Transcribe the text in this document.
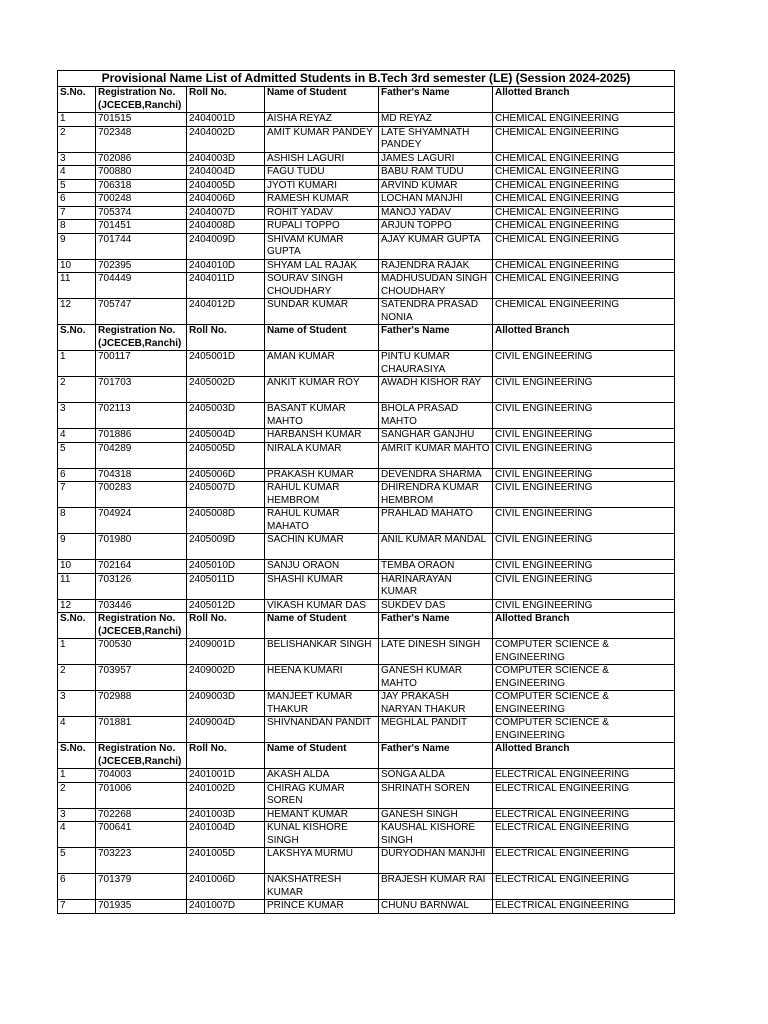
Provisional Name List of Admitted Students in B.Tech 3rd semester (LE) (Session 2024-2025)					
S.No.	Registration No. (JCECEB,Ranchi)	Roll No.	Name of Student	Father's Name	Allotted Branch
1	701515	2404001D	AISHA REYAZ	MD REYAZ	CHEMICAL ENGINEERING
2	702348	2404002D	AMIT KUMAR PANDEY	LATE SHYAMNATH PANDEY	CHEMICAL ENGINEERING
3	702086	2404003D	ASHISH LAGURI	JAMES LAGURI	CHEMICAL ENGINEERING
4	700880	2404004D	FAGU TUDU	BABU RAM TUDU	CHEMICAL ENGINEERING
5	706318	2404005D	JYOTI KUMARI	ARVIND KUMAR	CHEMICAL ENGINEERING
6	700248	2404006D	RAMESH KUMAR	LOCHAN MANJHI	CHEMICAL ENGINEERING
7	705374	2404007D	ROHIT YADAV	MANOJ YADAV	CHEMICAL ENGINEERING
8	701451	2404008D	RUPALI TOPPO	ARJUN TOPPO	CHEMICAL ENGINEERING
9	701744	2404009D	SHIVAM KUMAR GUPTA	AJAY KUMAR GUPTA	CHEMICAL ENGINEERING
10	702395	2404010D	SHYAM LAL RAJAK	RAJENDRA RAJAK	CHEMICAL ENGINEERING
11	704449	2404011D	SOURAV SINGH CHOUDHARY	MADHUSUDAN SINGH CHOUDHARY	CHEMICAL ENGINEERING
12	705747	2404012D	SUNDAR KUMAR	SATENDRA PRASAD NONIA	CHEMICAL ENGINEERING
S.No.	Registration No. (JCECEB,Ranchi)	Roll No.	Name of Student	Father's Name	Allotted Branch
1	700117	2405001D	AMAN KUMAR	PINTU KUMAR CHAURASIYA	CIVIL ENGINEERING
2	701703	2405002D	ANKIT KUMAR ROY	AWADH KISHOR RAY	CIVIL ENGINEERING
3	702113	2405003D	BASANT KUMAR MAHTO	BHOLA PRASAD MAHTO	CIVIL ENGINEERING
4	701886	2405004D	HARBANSH KUMAR	SANGHAR GANJHU	CIVIL ENGINEERING
5	704289	2405005D	NIRALA KUMAR	AMRIT KUMAR MAHTO	CIVIL ENGINEERING
6	704318	2405006D	PRAKASH KUMAR	DEVENDRA SHARMA	CIVIL ENGINEERING
7	700283	2405007D	RAHUL KUMAR HEMBROM	DHIRENDRA KUMAR HEMBROM	CIVIL ENGINEERING
8	704924	2405008D	RAHUL KUMAR MAHATO	PRAHLAD MAHATO	CIVIL ENGINEERING
9	701980	2405009D	SACHIN KUMAR	ANIL KUMAR MANDAL	CIVIL ENGINEERING
10	702164	2405010D	SANJU ORAON	TEMBA ORAON	CIVIL ENGINEERING
11	703126	2405011D	SHASHI KUMAR	HARINARAYAN KUMAR	CIVIL ENGINEERING
12	703446	2405012D	VIKASH KUMAR DAS	SUKDEV DAS	CIVIL ENGINEERING
S.No.	Registration No. (JCECEB,Ranchi)	Roll No.	Name of Student	Father's Name	Allotted Branch
1	700530	2409001D	BELISHANKAR SINGH	LATE DINESH SINGH	COMPUTER SCIENCE & ENGINEERING
2	703957	2409002D	HEENA KUMARI	GANESH KUMAR MAHTO	COMPUTER SCIENCE & ENGINEERING
3	702988	2409003D	MANJEET KUMAR THAKUR	JAY PRAKASH NARYAN THAKUR	COMPUTER SCIENCE & ENGINEERING
4	701881	2409004D	SHIVNANDAN PANDIT	MEGHLAL PANDIT	COMPUTER SCIENCE & ENGINEERING
S.No.	Registration No. (JCECEB,Ranchi)	Roll No.	Name of Student	Father's Name	Allotted Branch
1	704003	2401001D	AKASH ALDA	SONGA ALDA	ELECTRICAL ENGINEERING
2	701006	2401002D	CHIRAG KUMAR SOREN	SHRINATH SOREN	ELECTRICAL ENGINEERING
3	702268	2401003D	HEMANT KUMAR	GANESH SINGH	ELECTRICAL ENGINEERING
4	700641	2401004D	KUNAL KISHORE SINGH	KAUSHAL KISHORE SINGH	ELECTRICAL ENGINEERING
5	703223	2401005D	LAKSHYA MURMU	DURYODHAN MANJHI	ELECTRICAL ENGINEERING
6	701379	2401006D	NAKSHATRESH KUMAR	BRAJESH KUMAR RAI	ELECTRICAL ENGINEERING
7	701935	2401007D	PRINCE KUMAR	CHUNU BARNWAL	ELECTRICAL ENGINEERING
